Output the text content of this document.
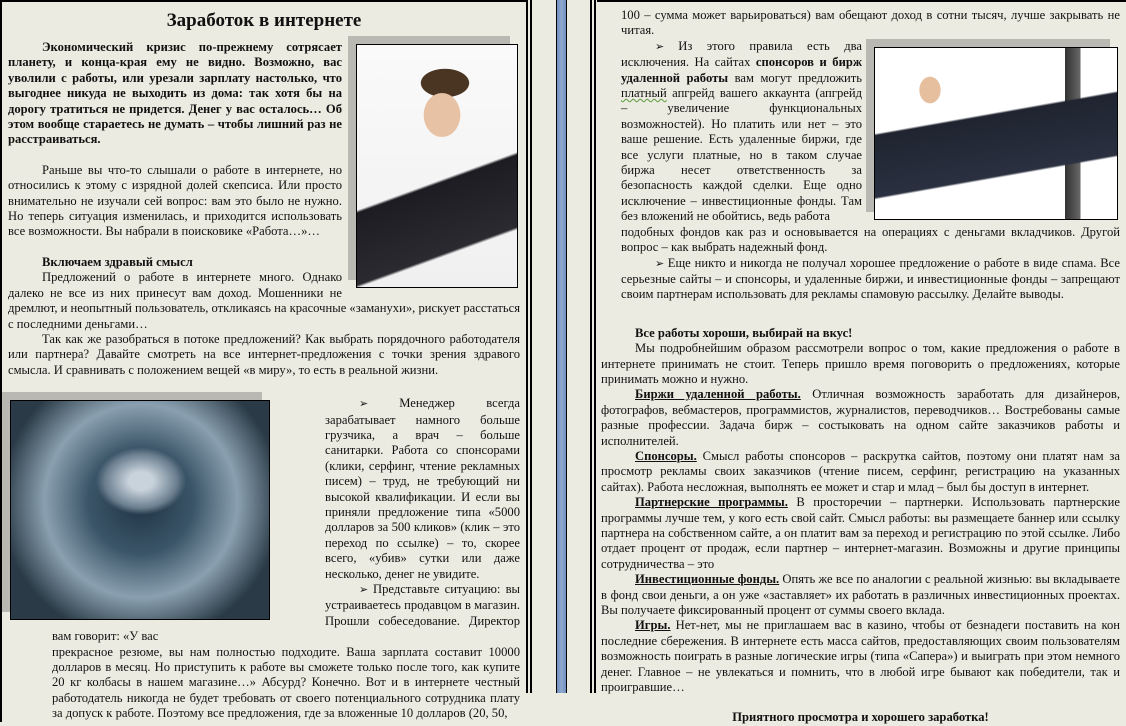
Заработок в интернете

Экономический кризис по-прежнему сотрясает планету, и конца-края ему не видно. Возможно, вас уволили с работы, или урезали зарплату настолько, что выгоднее никуда не выходить из дома: так хотя бы на дорогу тратиться не придется. Денег у вас осталось… Об этом вообще стараетесь не думать – чтобы лишний раз не расстраиваться.

Раньше вы что-то слышали о работе в интернете, но относились к этому с изрядной долей скепсиса. Или просто внимательно не изучали сей вопрос: вам это было не нужно. Но теперь ситуация изменилась, и приходится использовать все возможности. Вы набрали в поисковике «Работа…»…

Включаем здравый смысл

Предложений о работе в интернете много. Однако далеко не все из них принесут вам доход. Мошенники не дремлют, и неопытный пользователь, откликаясь на красочные «заманухи», рискует расстаться с последними деньгами…

Так как же разобраться в потоке предложений? Как выбрать порядочного работодателя или партнера? Давайте смотреть на все интернет-предложения с точки зрения здравого смысла. И сравнивать с положением вещей «в миру», то есть в реальной жизни.

➢ Менеджер всегда зарабатывает намного больше грузчика, а врач – больше санитарки. Работа со спонсорами (клики, серфинг, чтение рекламных писем) – труд, не требующий ни высокой квалификации. И если вы приняли предложение типа «5000 долларов за 500 кликов» (клик – это переход по ссылке) – то, скорее всего, «убив» сутки или даже несколько, денег не увидите.

➢ Представьте ситуацию: вы устраиваетесь продавцом в магазин. Прошли собеседование. Директор вам говорит: «У вас

прекрасное резюме, вы нам полностью подходите. Ваша зарплата составит 10000 долларов в месяц. Но приступить к работе вы сможете только после того, как купите 20 кг колбасы в нашем магазине…» Абсурд? Конечно. Вот и в интернете честный работодатель никогда не будет требовать от своего потенциального сотрудника плату за допуск к работе. Поэтому все предложения, где за вложенные 10 долларов (20, 50,

100 – сумма может варьироваться) вам обещают доход в сотни тысяч, лучше закрывать не читая.

➢ Из этого правила есть два исключения. На сайтах спонсоров и бирж удаленной работы вам могут предложить платный апгрейд вашего аккаунта (апгрейд – увеличение функциональных возможностей). Но платить или нет – это ваше решение. Есть удаленные биржи, где все услуги платные, но в таком случае биржа несет ответственность за безопасность каждой сделки. Еще одно исключение – инвестиционные фонды. Там без вложений не обойтись, ведь работа

подобных фондов как раз и основывается на операциях с деньгами вкладчиков. Другой вопрос – как выбрать надежный фонд.

➢ Еще никто и никогда не получал хорошее предложение о работе в виде спама. Все серьезные сайты – и спонсоры, и удаленные биржи, и инвестиционные фонды – запрещают своим партнерам использовать для рекламы спамовую рассылку. Делайте выводы.

Все работы хороши, выбирай на вкус!

Мы подробнейшим образом рассмотрели вопрос о том, какие предложения о работе в интернете принимать не стоит. Теперь пришло время поговорить о предложениях, которые принимать можно и нужно.

Биржи удаленной работы. Отличная возможность заработать для дизайнеров, фотографов, вебмастеров, программистов, журналистов, переводчиков… Востребованы самые разные профессии. Задача бирж – состыковать на одном сайте заказчиков работы и исполнителей.

Спонсоры. Смысл работы спонсоров – раскрутка сайтов, поэтому они платят нам за просмотр рекламы своих заказчиков (чтение писем, серфинг, регистрацию на указанных сайтах). Работа несложная, выполнять ее может и стар и млад – был бы доступ в интернет.

Партнерские программы. В просторечии – партнерки. Использовать партнерские программы лучше тем, у кого есть свой сайт. Смысл работы: вы размещаете баннер или ссылку партнера на собственном сайте, а он платит вам за переход и регистрацию по этой ссылке. Либо отдает процент от продаж, если партнер – интернет-магазин. Возможны и другие принципы сотрудничества – это

Инвестиционные фонды. Опять же все по аналогии с реальной жизнью: вы вкладываете в фонд свои деньги, а он уже «заставляет» их работать в различных инвестиционных проектах. Вы получаете фиксированный процент от суммы своего вклада.

Игры. Нет-нет, мы не приглашаем вас в казино, чтобы от безнадеги поставить на кон последние сбережения. В интернете есть масса сайтов, предоставляющих своим пользователям возможность поиграть в разные логические игры (типа «Сапера») и выиграть при этом немного денег. Главное – не увлекаться и помнить, что в любой игре бывают как победители, так и проигравшие…

Приятного просмотра и хорошего заработка!
